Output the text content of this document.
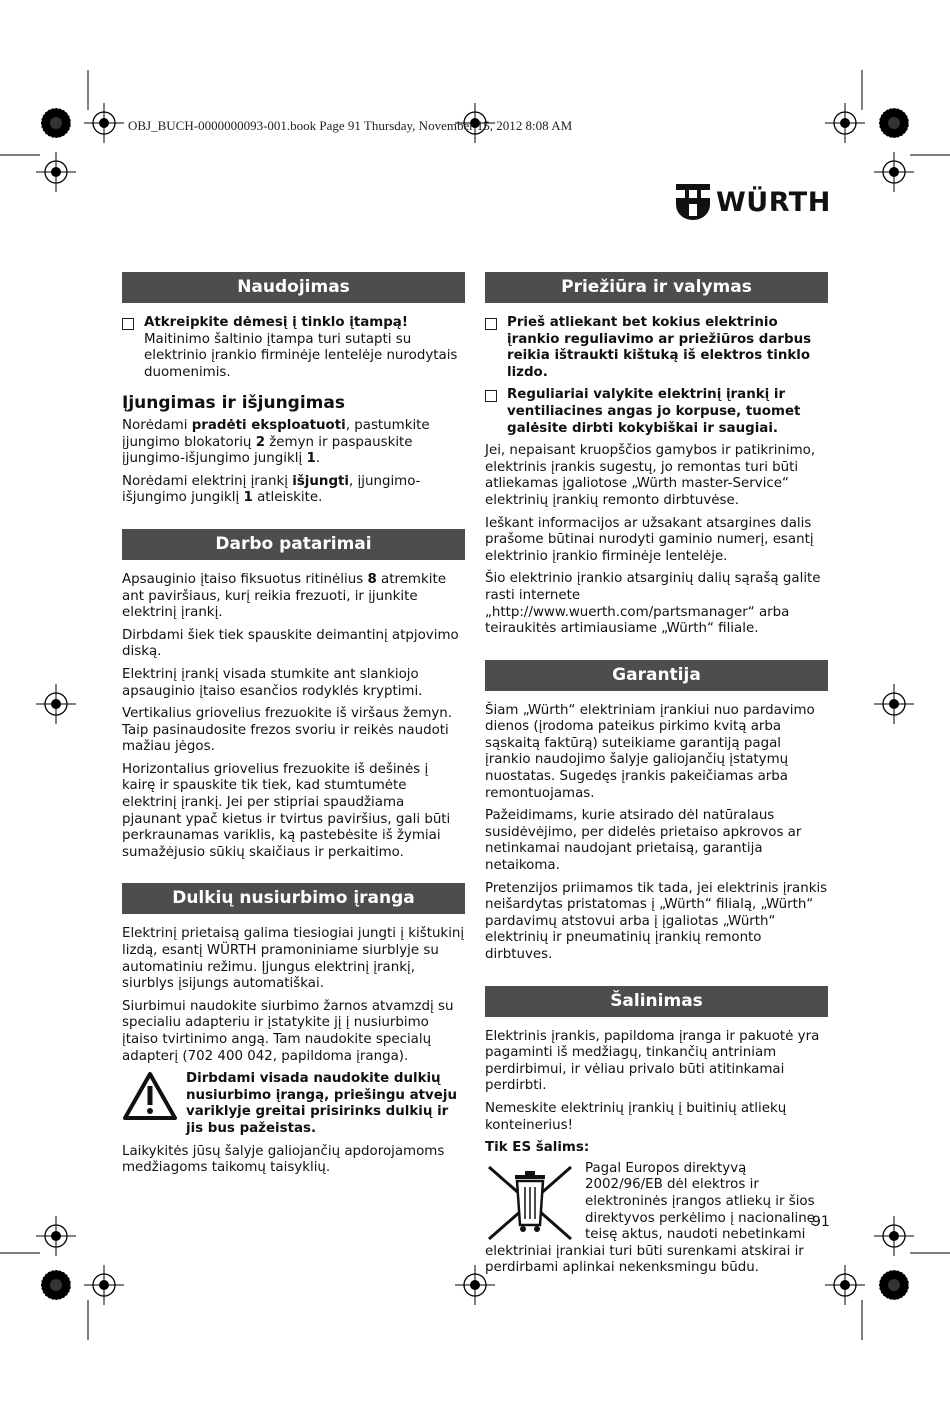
OBJ_BUCH-0000000093-001.book Page 91 Thursday, November 15, 2012 8:08 AM
WÜRTH
Naudojimas
Atkreipkite dėmesį į tinklo įtampą! Maitinimo šaltinio įtampa turi sutapti su elektrinio įrankio firminėje lentelėje nurodytais duomenimis.
Įjungimas ir išjungimas

Norėdami pradėti eksploatuoti, pastumkite įjungimo blokatorių 2 žemyn ir paspauskite įjungimo-išjungimo jungiklį 1.

Norėdami elektrinį įrankį išjungti, įjungimo-išjungimo jungiklį 1 atleiskite.

Darbo patarimai

Apsauginio įtaiso fiksuotus ritinėlius 8 atremkite ant paviršiaus, kurį reikia frezuoti, ir įjunkite elektrinį įrankį.

Dirbdami šiek tiek spauskite deimantinį atpjovimo diską.

Elektrinį įrankį visada stumkite ant slankiojo apsauginio įtaiso esančios rodyklės kryptimi.

Vertikalius griovelius frezuokite iš viršaus žemyn. Taip pasinaudosite frezos svoriu ir reikės naudoti mažiau jėgos.

Horizontalius griovelius frezuokite iš dešinės į kairę ir spauskite tik tiek, kad stumtumėte elektrinį įrankį. Jei per stipriai spaudžiama pjaunant ypač kietus ir tvirtus paviršius, gali būti perkraunamas variklis, ką pastebėsite iš žymiai sumažėjusio sūkių skaičiaus ir perkaitimo.

Dulkių nusiurbimo įranga

Elektrinį prietaisą galima tiesiogiai jungti į kištukinį lizdą, esantį WÜRTH pramoniniame siurblyje su automatiniu režimu. Įjungus elektrinį įrankį, siurblys įsijungs automatiškai.

Siurbimui naudokite siurbimo žarnos atvamzdį su specialiu adapteriu ir įstatykite jį į nusiurbimo įtaiso tvirtinimo angą. Tam naudokite specialų adapterį (702 400 042, papildoma įranga).

Dirbdami visada naudokite dulkių nusiurbimo įrangą, priešingu atveju variklyje greitai prisirinks dulkių ir jis bus pažeistas.

Laikykitės jūsų šalyje galiojančių apdorojamoms medžiagoms taikomų taisyklių.

Priežiūra ir valymas
Prieš atliekant bet kokius elektrinio įrankio reguliavimo ar priežiūros darbus reikia ištraukti kištuką iš elektros tinklo lizdo.
Reguliariai valykite elektrinį įrankį ir ventiliacines angas jo korpuse, tuomet galėsite dirbti kokybiškai ir saugiai.

Jei, nepaisant kruopščios gamybos ir patikrinimo, elektrinis įrankis sugestų, jo remontas turi būti atliekamas įgaliotose „Würth master-Service“ elektrinių įrankių remonto dirbtuvėse.

Ieškant informacijos ar užsakant atsargines dalis prašome būtinai nurodyti gaminio numerį, esantį elektrinio įrankio firminėje lentelėje.

Šio elektrinio įrankio atsarginių dalių sąrašą galite rasti internete „http://www.wuerth.com/partsmanager“ arba teiraukitės artimiausiame „Würth“ filiale.

Garantija

Šiam „Würth“ elektriniam įrankiui nuo pardavimo dienos (įrodoma pateikus pirkimo kvitą arba sąskaitą faktūrą) suteikiame garantiją pagal įrankio naudojimo šalyje galiojančių įstatymų nuostatas. Sugedęs įrankis pakeičiamas arba remontuojamas.

Pažeidimams, kurie atsirado dėl natūralaus susidėvėjimo, per didelės prietaiso apkrovos ar netinkamai naudojant prietaisą, garantija netaikoma.

Pretenzijos priimamos tik tada, jei elektrinis įrankis neišardytas pristatomas į „Würth“ filialą, „Würth“ pardavimų atstovui arba į įgaliotas „Würth“ elektrinių ir pneumatinių įrankių remonto dirbtuves.

Šalinimas

Elektrinis įrankis, papildoma įranga ir pakuotė yra pagaminti iš medžiagų, tinkančių antriniam perdirbimui, ir vėliau privalo būti atitinkamai perdirbti.

Nemeskite elektrinių įrankių į buitinių atliekų konteinerius!

Tik ES šalims:

Pagal Europos direktyvą 2002/96/EB dėl elektros ir elektroninės įrangos atliekų ir šios direktyvos perkėlimo į nacionalinę teisę aktus, naudoti nebetinkami elektriniai įrankiai turi būti surenkami atskirai ir perdirbami aplinkai nekenksmingu būdu.

91
